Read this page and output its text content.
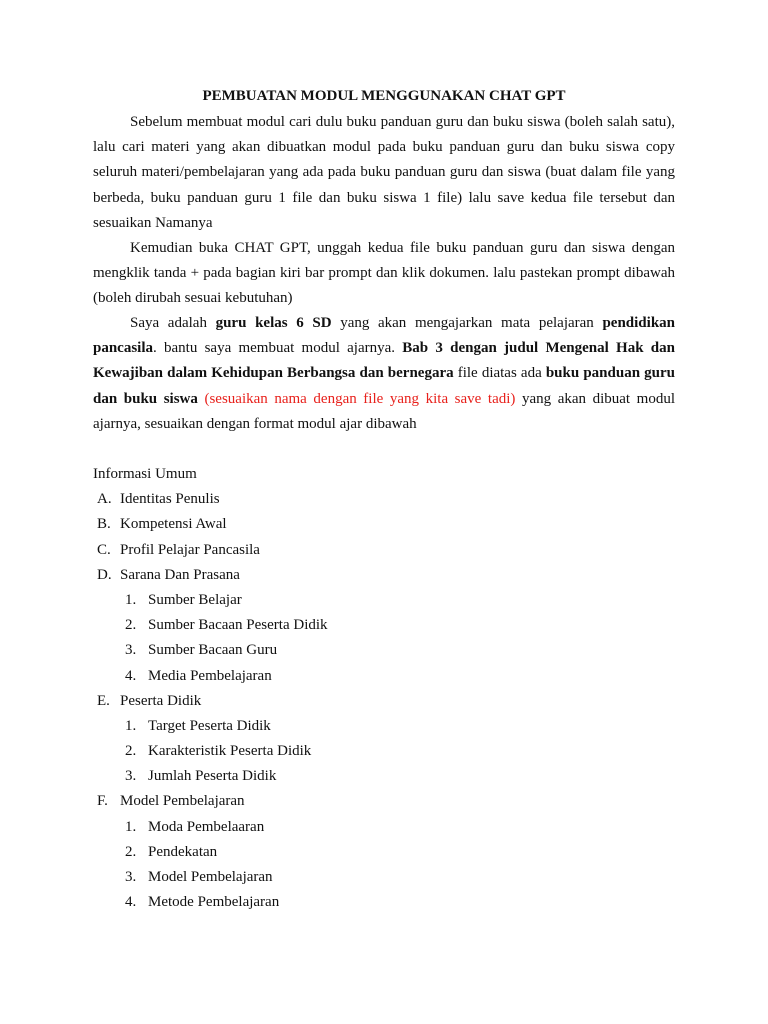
PEMBUATAN MODUL MENGGUNAKAN CHAT GPT

Sebelum membuat modul cari dulu buku panduan guru dan buku siswa (boleh salah satu), lalu cari materi yang akan dibuatkan modul pada buku panduan guru dan buku siswa copy seluruh materi/pembelajaran yang ada pada buku panduan guru dan siswa (buat dalam file yang berbeda, buku panduan guru 1 file dan buku siswa 1 file) lalu save kedua file tersebut dan sesuaikan Namanya

Kemudian buka CHAT GPT, unggah kedua file buku panduan guru dan siswa dengan mengklik tanda + pada bagian kiri bar prompt dan klik dokumen. lalu pastekan prompt dibawah (boleh dirubah sesuai kebutuhan)

Saya adalah guru kelas 6 SD yang akan mengajarkan mata pelajaran pendidikan pancasila. bantu saya membuat modul ajarnya. Bab 3 dengan judul Mengenal Hak dan Kewajiban dalam Kehidupan Berbangsa dan bernegara file diatas ada buku panduan guru dan buku siswa (sesuaikan nama dengan file yang kita save tadi) yang akan dibuat modul ajarnya, sesuaikan dengan format modul ajar dibawah

Informasi Umum
A. Identitas Penulis
B. Kompetensi Awal
C. Profil Pelajar Pancasila
D. Sarana Dan Prasana
1. Sumber Belajar
2. Sumber Bacaan Peserta Didik
3. Sumber Bacaan Guru
4. Media Pembelajaran
E. Peserta Didik
1. Target Peserta Didik
2. Karakteristik Peserta Didik
3. Jumlah Peserta Didik
F. Model Pembelajaran
1. Moda Pembelaaran
2. Pendekatan
3. Model Pembelajaran
4. Metode Pembelajaran
